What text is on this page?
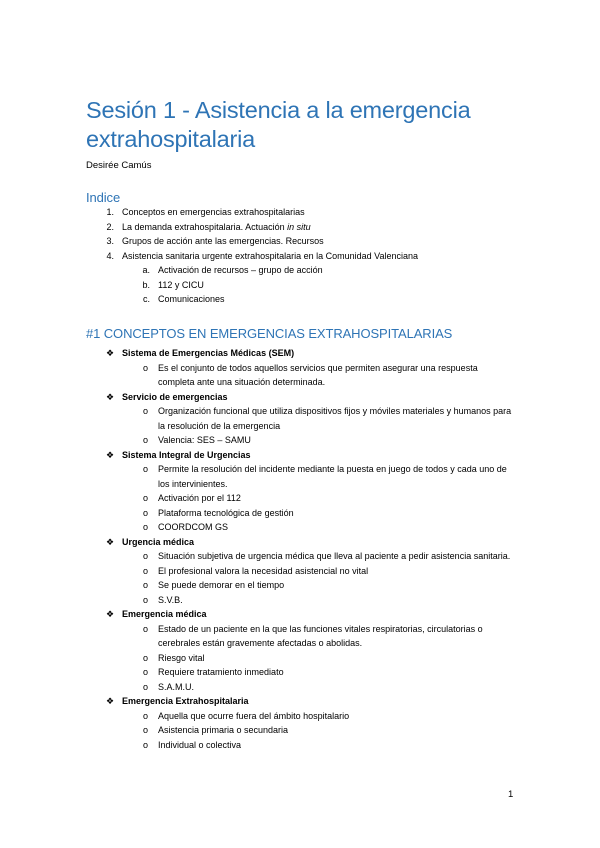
Sesión 1 - Asistencia a la emergencia extrahospitalaria
Desirée Camús
Indice
1. Conceptos en emergencias extrahospitalarias
2. La demanda extrahospitalaria. Actuación in situ
3. Grupos de acción ante las emergencias. Recursos
4. Asistencia sanitaria urgente extrahospitalaria en la Comunidad Valenciana
a. Activación de recursos – grupo de acción
b. 112 y CICU
c. Comunicaciones
#1 CONCEPTOS EN EMERGENCIAS EXTRAHOSPITALARIAS
❖ Sistema de Emergencias Médicas (SEM)
o Es el conjunto de todos aquellos servicios que permiten asegurar una respuesta completa ante una situación determinada.
❖ Servicio de emergencias
o Organización funcional que utiliza dispositivos fijos y móviles materiales y humanos para la resolución de la emergencia
o Valencia: SES – SAMU
❖ Sistema Integral de Urgencias
o Permite la resolución del incidente mediante la puesta en juego de todos y cada uno de los intervinientes.
o Activación por el 112
o Plataforma tecnológica de gestión
o COORDCOM GS
❖ Urgencia médica
o Situación subjetiva de urgencia médica que lleva al paciente a pedir asistencia sanitaria.
o El profesional valora la necesidad asistencial no vital
o Se puede demorar en el tiempo
o S.V.B.
❖ Emergencia médica
o Estado de un paciente en la que las funciones vitales respiratorias, circulatorias o cerebrales están gravemente afectadas o abolidas.
o Riesgo vital
o Requiere tratamiento inmediato
o S.A.M.U.
❖ Emergencia Extrahospitalaria
o Aquella que ocurre fuera del ámbito hospitalario
o Asistencia primaria o secundaria
o Individual o colectiva
1
